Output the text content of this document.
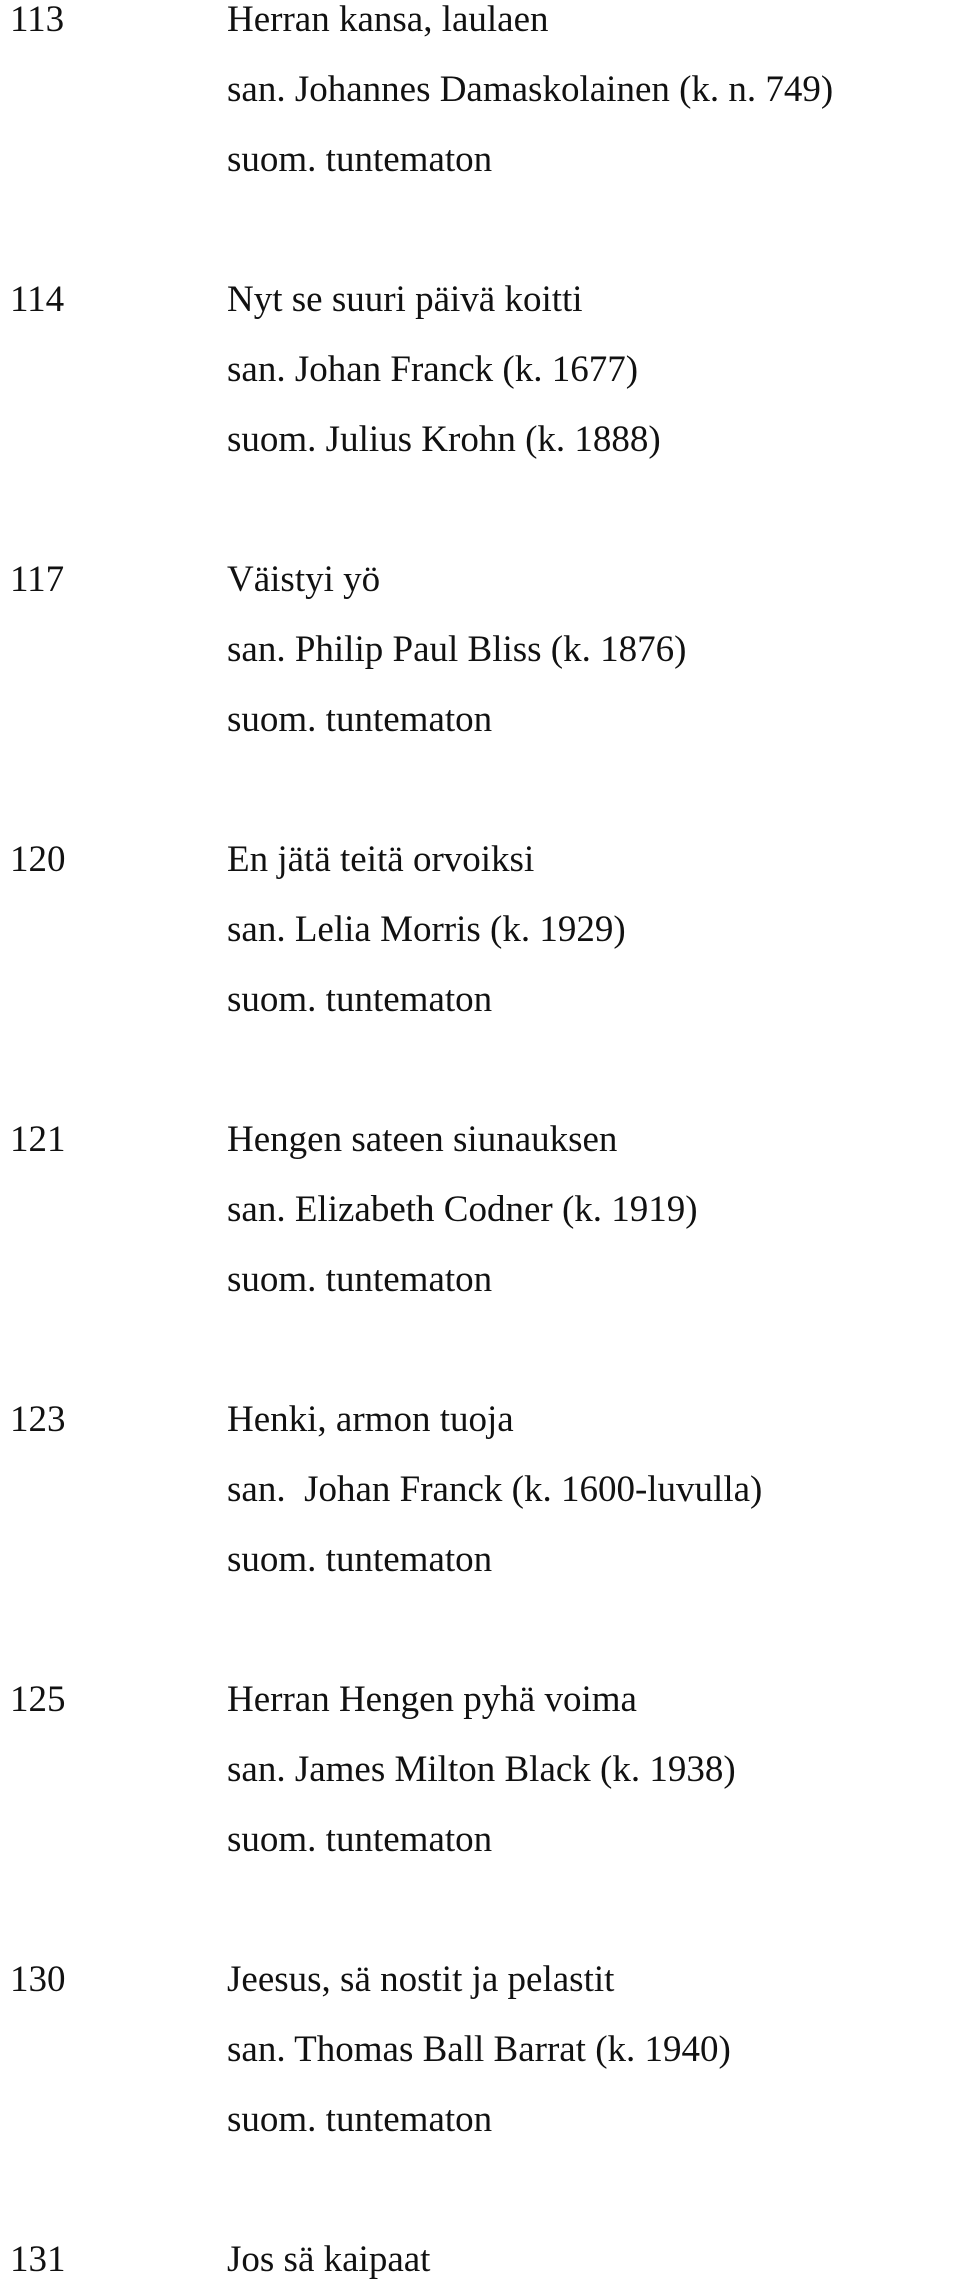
113	Herran kansa, laulaen
san. Johannes Damaskolainen (k. n. 749)
suom. tuntematon
114	Nyt se suuri päivä koitti
san. Johan Franck (k. 1677)
suom. Julius Krohn (k. 1888)
117	Väistyi yö
san. Philip Paul Bliss (k. 1876)
suom. tuntematon
120	En jätä teitä orvoiksi
san. Lelia Morris (k. 1929)
suom. tuntematon
121	Hengen sateen siunauksen
san. Elizabeth Codner (k. 1919)
suom. tuntematon
123	Henki, armon tuoja
san.  Johan Franck (k. 1600-luvulla)
suom. tuntematon
125	Herran Hengen pyhä voima
san. James Milton Black (k. 1938)
suom. tuntematon
130	Jeesus, sä nostit ja pelastit
san. Thomas Ball Barrat (k. 1940)
suom. tuntematon
131	Jos sä kaipaat
